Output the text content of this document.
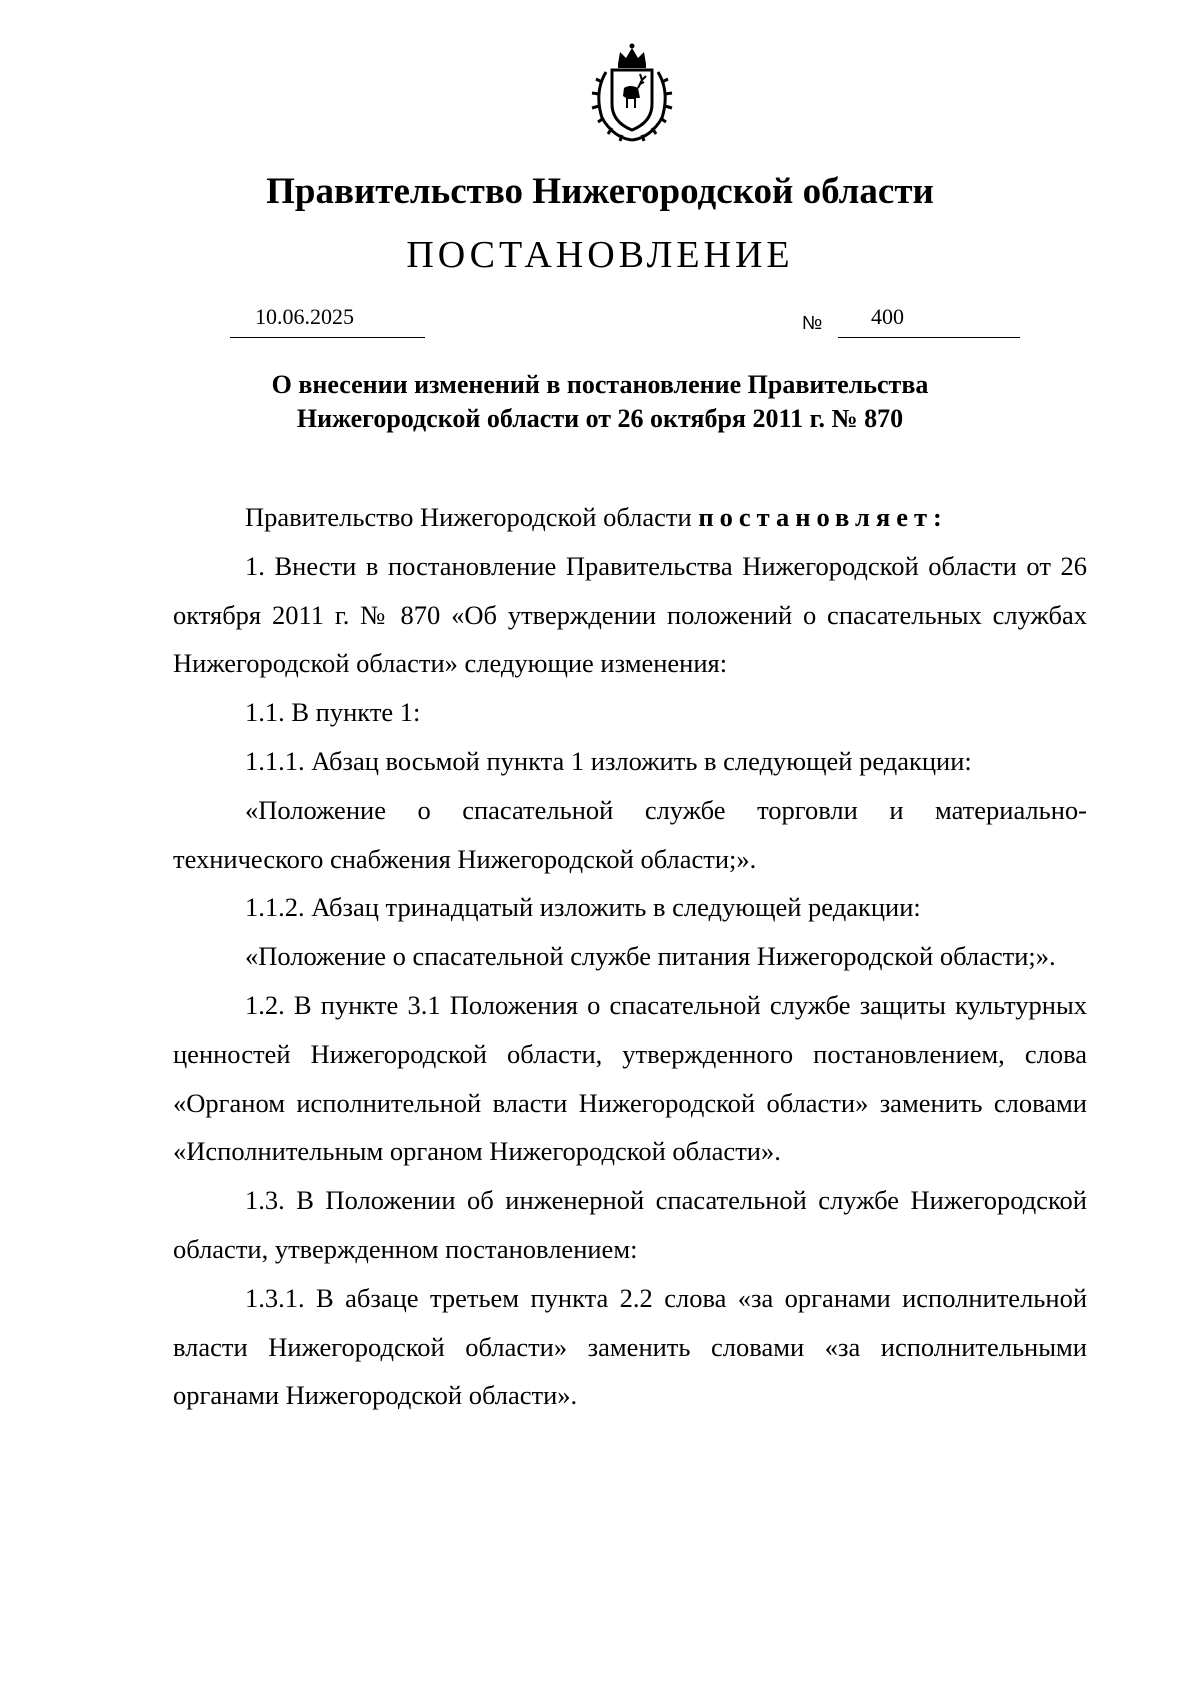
Правительство Нижегородской области
ПОСТАНОВЛЕНИЕ
10.06.2025	№ 400
О внесении изменений в постановление Правительства
Нижегородской области от 26 октября 2011 г. № 870

Правительство Нижегородской области постановляет:

1. Внести в постановление Правительства Нижегородской области от 26 октября 2011 г. № 870 «Об утверждении положений о спасательных службах Нижегородской области» следующие изменения:

1.1. В пункте 1:

1.1.1. Абзац восьмой пункта 1 изложить в следующей редакции:

«Положение о спасательной службе торговли и материально-технического снабжения Нижегородской области;».

1.1.2. Абзац тринадцатый изложить в следующей редакции:

«Положение о спасательной службе питания Нижегородской области;».

1.2. В пункте 3.1 Положения о спасательной службе защиты культурных ценностей Нижегородской области, утвержденного постановлением, слова «Органом исполнительной власти Нижегородской области» заменить словами «Исполнительным органом Нижегородской области».

1.3. В Положении об инженерной спасательной службе Нижегородской области, утвержденном постановлением:

1.3.1. В абзаце третьем пункта 2.2 слова «за органами исполнительной власти Нижегородской области» заменить словами «за исполнительными органами Нижегородской области».
